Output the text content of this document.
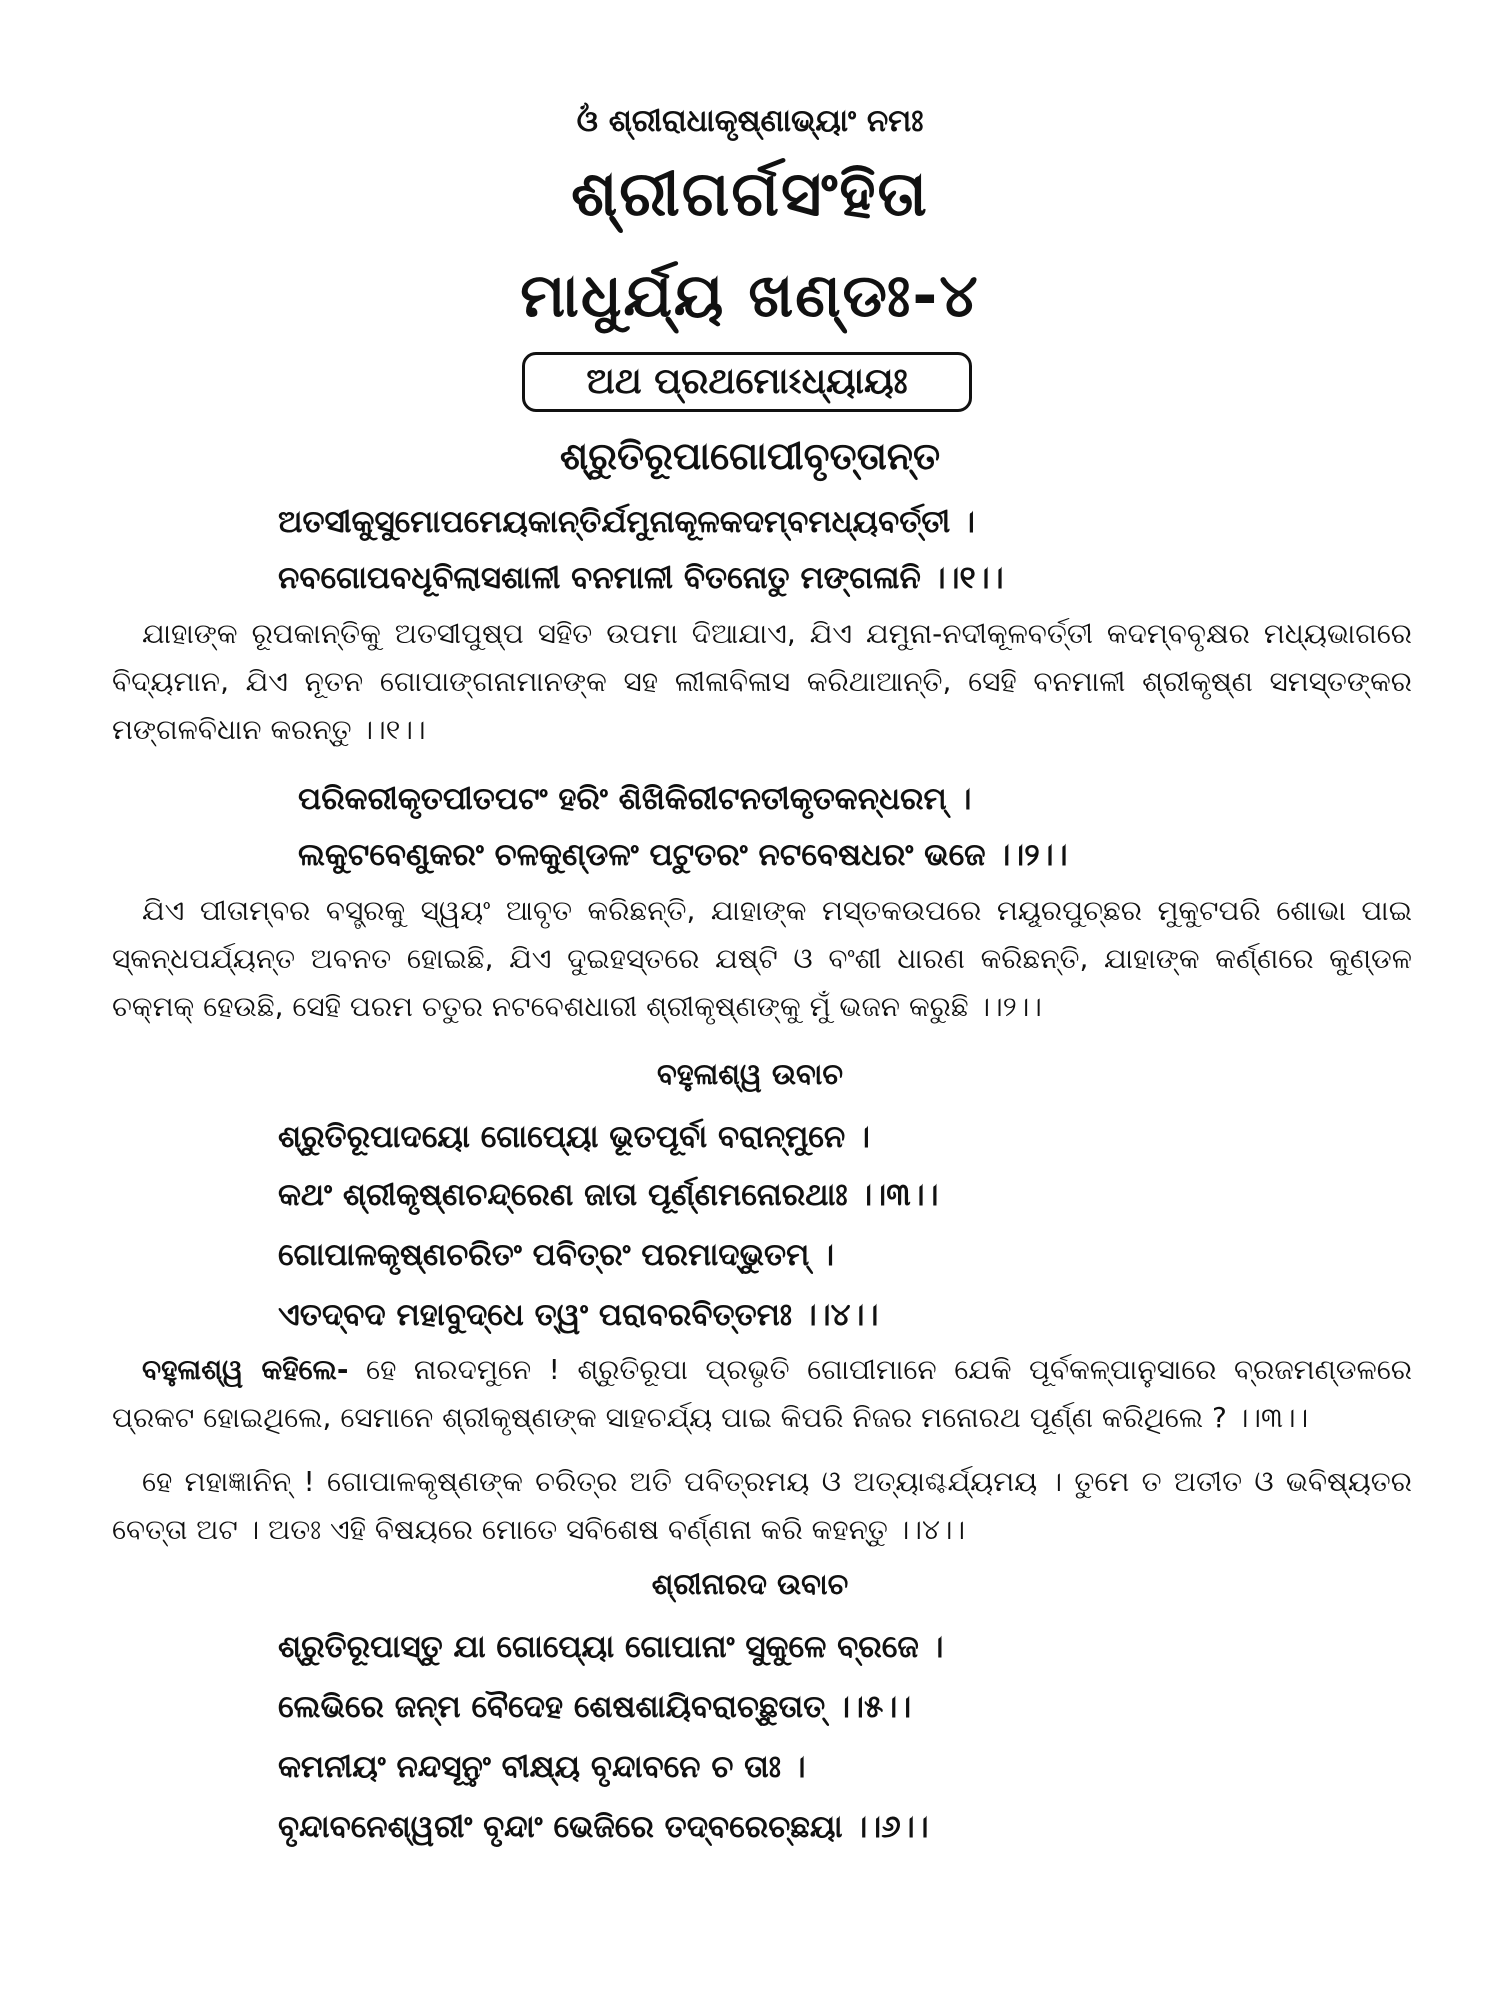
ଓଁ ଶ୍ରୀରାଧାକୃଷ୍ଣାଭ୍ୟାଂ ନମଃ
ଶ୍ରୀଗର୍ଗସଂହିତା
ମାଧୁର୍ଯ୍ୟ ଖଣ୍ଡଃ-୪
ଅଥ ପ୍ରଥମୋଽଧ୍ୟାୟଃ
ଶ୍ରୁତିରୂପାଗୋପୀବୃତ୍ତାନ୍ତ
ଅତସୀକୁସୁମୋପମେୟକାନ୍ତିର୍ଯମୁନାକୂଳକଦମ୍ବମଧ୍ୟବର୍ତ୍ତୀ ।
ନବଗୋପବଧୂବିଲାସଶାଳୀ ବନମାଳୀ ବିତନୋତୁ ମଙ୍ଗଳାନି ।।୧।।

ଯାହାଙ୍କ ରୂପକାନ୍ତିକୁ ଅତସୀପୁଷ୍ପ ସହିତ ଉପମା ଦିଆଯାଏ, ଯିଏ ଯମୁନା-ନଦୀକୂଳବର୍ତ୍ତୀ କଦମ୍ବବୃକ୍ଷର ମଧ୍ୟଭାଗରେ ବିଦ୍ୟମାନ, ଯିଏ ନୂତନ ଗୋପାଙ୍ଗନାମାନଙ୍କ ସହ ଲୀଳାବିଳାସ କରିଥାଆନ୍ତି, ସେହି ବନମାଳୀ ଶ୍ରୀକୃଷ୍ଣ ସମସ୍ତଙ୍କର ମଙ୍ଗଳବିଧାନ କରନ୍ତୁ ।।୧।।

ପରିକରୀକୃତପୀତପଟଂ ହରିଂ ଶିଖିକିରୀଟନତୀକୃତକନ୍ଧରମ୍ ।
ଲକୁଟବେଣୁକରଂ ଚଳକୁଣ୍ଡଳଂ ପଟୁତରଂ ନଟବେଷଧରଂ ଭଜେ ।।୨।।

ଯିଏ ପୀତାମ୍ବର ବସ୍ତ୍ରକୁ ସ୍ୱୟଂ ଆବୃତ କରିଛନ୍ତି, ଯାହାଙ୍କ ମସ୍ତକଉପରେ ମୟୂରପୁଚ୍ଛର ମୁକୁଟପରି ଶୋଭା ପାଇ ସ୍କନ୍ଧପର୍ଯ୍ୟନ୍ତ ଅବନତ ହୋଇଛି, ଯିଏ ଦୁଇହସ୍ତରେ ଯଷ୍ଟି ଓ ବଂଶୀ ଧାରଣ କରିଛନ୍ତି, ଯାହାଙ୍କ କର୍ଣ୍ଣରେ କୁଣ୍ଡଳ ଚକ୍‌ମକ୍ ହେଉଛି, ସେହି ପରମ ଚତୁର ନଟବେଶଧାରୀ ଶ୍ରୀକୃଷ୍ଣଙ୍କୁ ମୁଁ ଭଜନ କରୁଛି ।।୨।।

ବହୁଳାଶ୍ୱ ଉବାଚ
ଶ୍ରୁତିରୂପାଦୟୋ ଗୋପ୍ୟୋ ଭୂତପୂର୍ବା ବରାନ୍ମୁନେ ।
କଥଂ ଶ୍ରୀକୃଷ୍ଣଚନ୍ଦ୍ରେଣ ଜାତା ପୂର୍ଣ୍ଣମନୋରଥାଃ ।।୩।।
ଗୋପାଳକୃଷ୍ଣଚରିତଂ ପବିତ୍ରଂ ପରମାଦ୍ଭୁତମ୍ ।
ଏତଦ୍‌ବଦ ମହାବୁଦ୍ଧେ ତ୍ୱଂ ପରାବରବିତ୍ତମଃ ।।୪।।

ବହୁଳାଶ୍ୱ କହିଲେ- ହେ ନାରଦମୁନେ ! ଶ୍ରୁତିରୂପା ପ୍ରଭୃତି ଗୋପୀମାନେ ଯେକି ପୂର୍ବକଳ୍ପାନୁସାରେ ବ୍ରଜମଣ୍ଡଳରେ ପ୍ରକଟ ହୋଇଥିଲେ, ସେମାନେ ଶ୍ରୀକୃଷ୍ଣଙ୍କ ସାହଚର୍ଯ୍ୟ ପାଇ କିପରି ନିଜର ମନୋରଥ ପୂର୍ଣ୍ଣ କରିଥିଲେ ? ।।୩।।

ହେ ମହାଜ୍ଞାନିନ୍ ! ଗୋପାଳକୃଷ୍ଣଙ୍କ ଚରିତ୍ର ଅତି ପବିତ୍ରମୟ ଓ ଅତ୍ୟାଶ୍ଚର୍ଯ୍ୟମୟ । ତୁମେ ତ ଅତୀତ ଓ ଭବିଷ୍ୟତର ବେତ୍ତା ଅଟ । ଅତଃ ଏହି ବିଷୟରେ ମୋତେ ସବିଶେଷ ବର୍ଣ୍ଣନା କରି କହନ୍ତୁ ।।୪।।

ଶ୍ରୀନାରଦ ଉବାଚ
ଶ୍ରୁତିରୂପାସ୍ତୁ ଯା ଗୋପ୍ୟୋ ଗୋପାନାଂ ସୁକୁଳେ ବ୍ରଜେ ।
ଲେଭିରେ ଜନ୍ମ ବୈଦେହ ଶେଷଶାୟିବରାଚ୍ଛୁତାତ୍ ।।୫।।
କମନୀୟଂ ନନ୍ଦସୂନୁଂ ବୀକ୍ଷ୍ୟ ବୃନ୍ଦାବନେ ଚ ତାଃ ।
ବୃନ୍ଦାବନେଶ୍ୱରୀଂ ବୃନ୍ଦାଂ ଭେଜିରେ ତଦ୍‌ବରେଚ୍ଛୟା ।।୬।।
